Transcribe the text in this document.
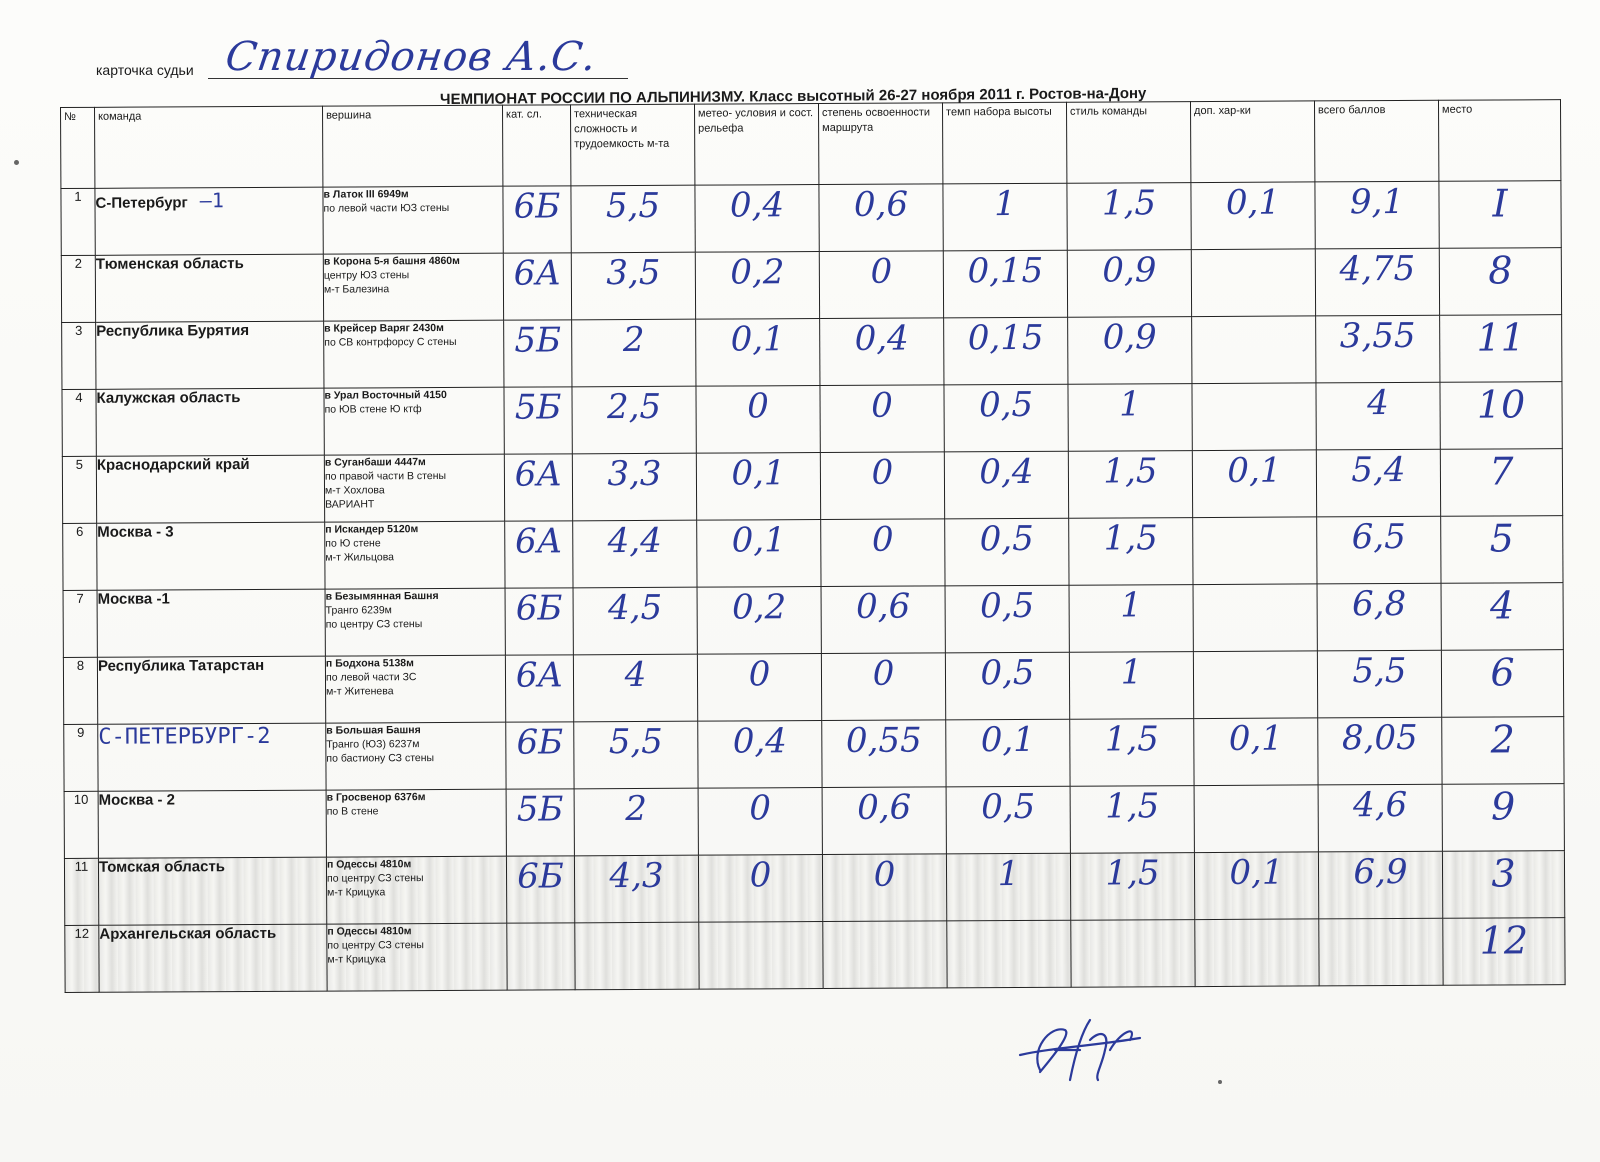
карточка судьи Спиридонов А.С.
ЧЕМПИОНАТ РОССИИ ПО АЛЬПИНИЗМУ. Класс высотный 26-27 ноября 2011 г. Ростов-на-Дону
№	команда	вершина	кат. сл.	техническая сложность и трудоемкость м-та	метео- условия и сост. рельефа	степень освоенности маршрута	темп набора высоты	стиль команды	доп. хар-ки	всего баллов	место
1	С-Петербург –1	в Латок III 6949м
по левой части ЮЗ стены	6Б	5,5	0,4	0,6	1	1,5	0,1	9,1	I
2	Тюменская область	в Корона 5-я башня 4860м
центру ЮЗ стены
м-т Балезина	6А	3,5	0,2	0	0,15	0,9		4,75	8
3	Республика Бурятия	в Крейсер Варяг 2430м
по СВ контрфорсу С стены	5Б	2	0,1	0,4	0,15	0,9		3,55	11
4	Калужская область	в Урал Восточный 4150
по ЮВ стене Ю ктф	5Б	2,5	0	0	0,5	1		4	10
5	Краснодарский край	в Суганбаши 4447м
по правой части В стены
м-т Хохлова
ВАРИАНТ	6А	3,3	0,1	0	0,4	1,5	0,1	5,4	7
6	Москва - 3	п Искандер 5120м
по Ю стене
м-т Жильцова	6А	4,4	0,1	0	0,5	1,5		6,5	5
7	Москва -1	в Безымянная Башня
Транго 6239м
по центру СЗ стены	6Б	4,5	0,2	0,6	0,5	1		6,8	4
8	Республика Татарстан	п Бодхона 5138м
по левой части ЗС
м-т Житенева	6А	4	0	0	0,5	1		5,5	6
9	С-ПЕТЕРБУРГ-2	в Большая Башня
Транго (ЮЗ) 6237м
по бастиону СЗ стены	6Б	5,5	0,4	0,55	0,1	1,5	0,1	8,05	2
10	Москва - 2	в Гросвенор 6376м
по В стене	5Б	2	0	0,6	0,5	1,5		4,6	9
11	Томская область	п Одессы 4810м
по центру СЗ стены
м-т Крицука	6Б	4,3	0	0	1	1,5	0,1	6,9	3
12	Архангельская область	п Одессы 4810м
по центру СЗ стены
м-т Крицука									12
